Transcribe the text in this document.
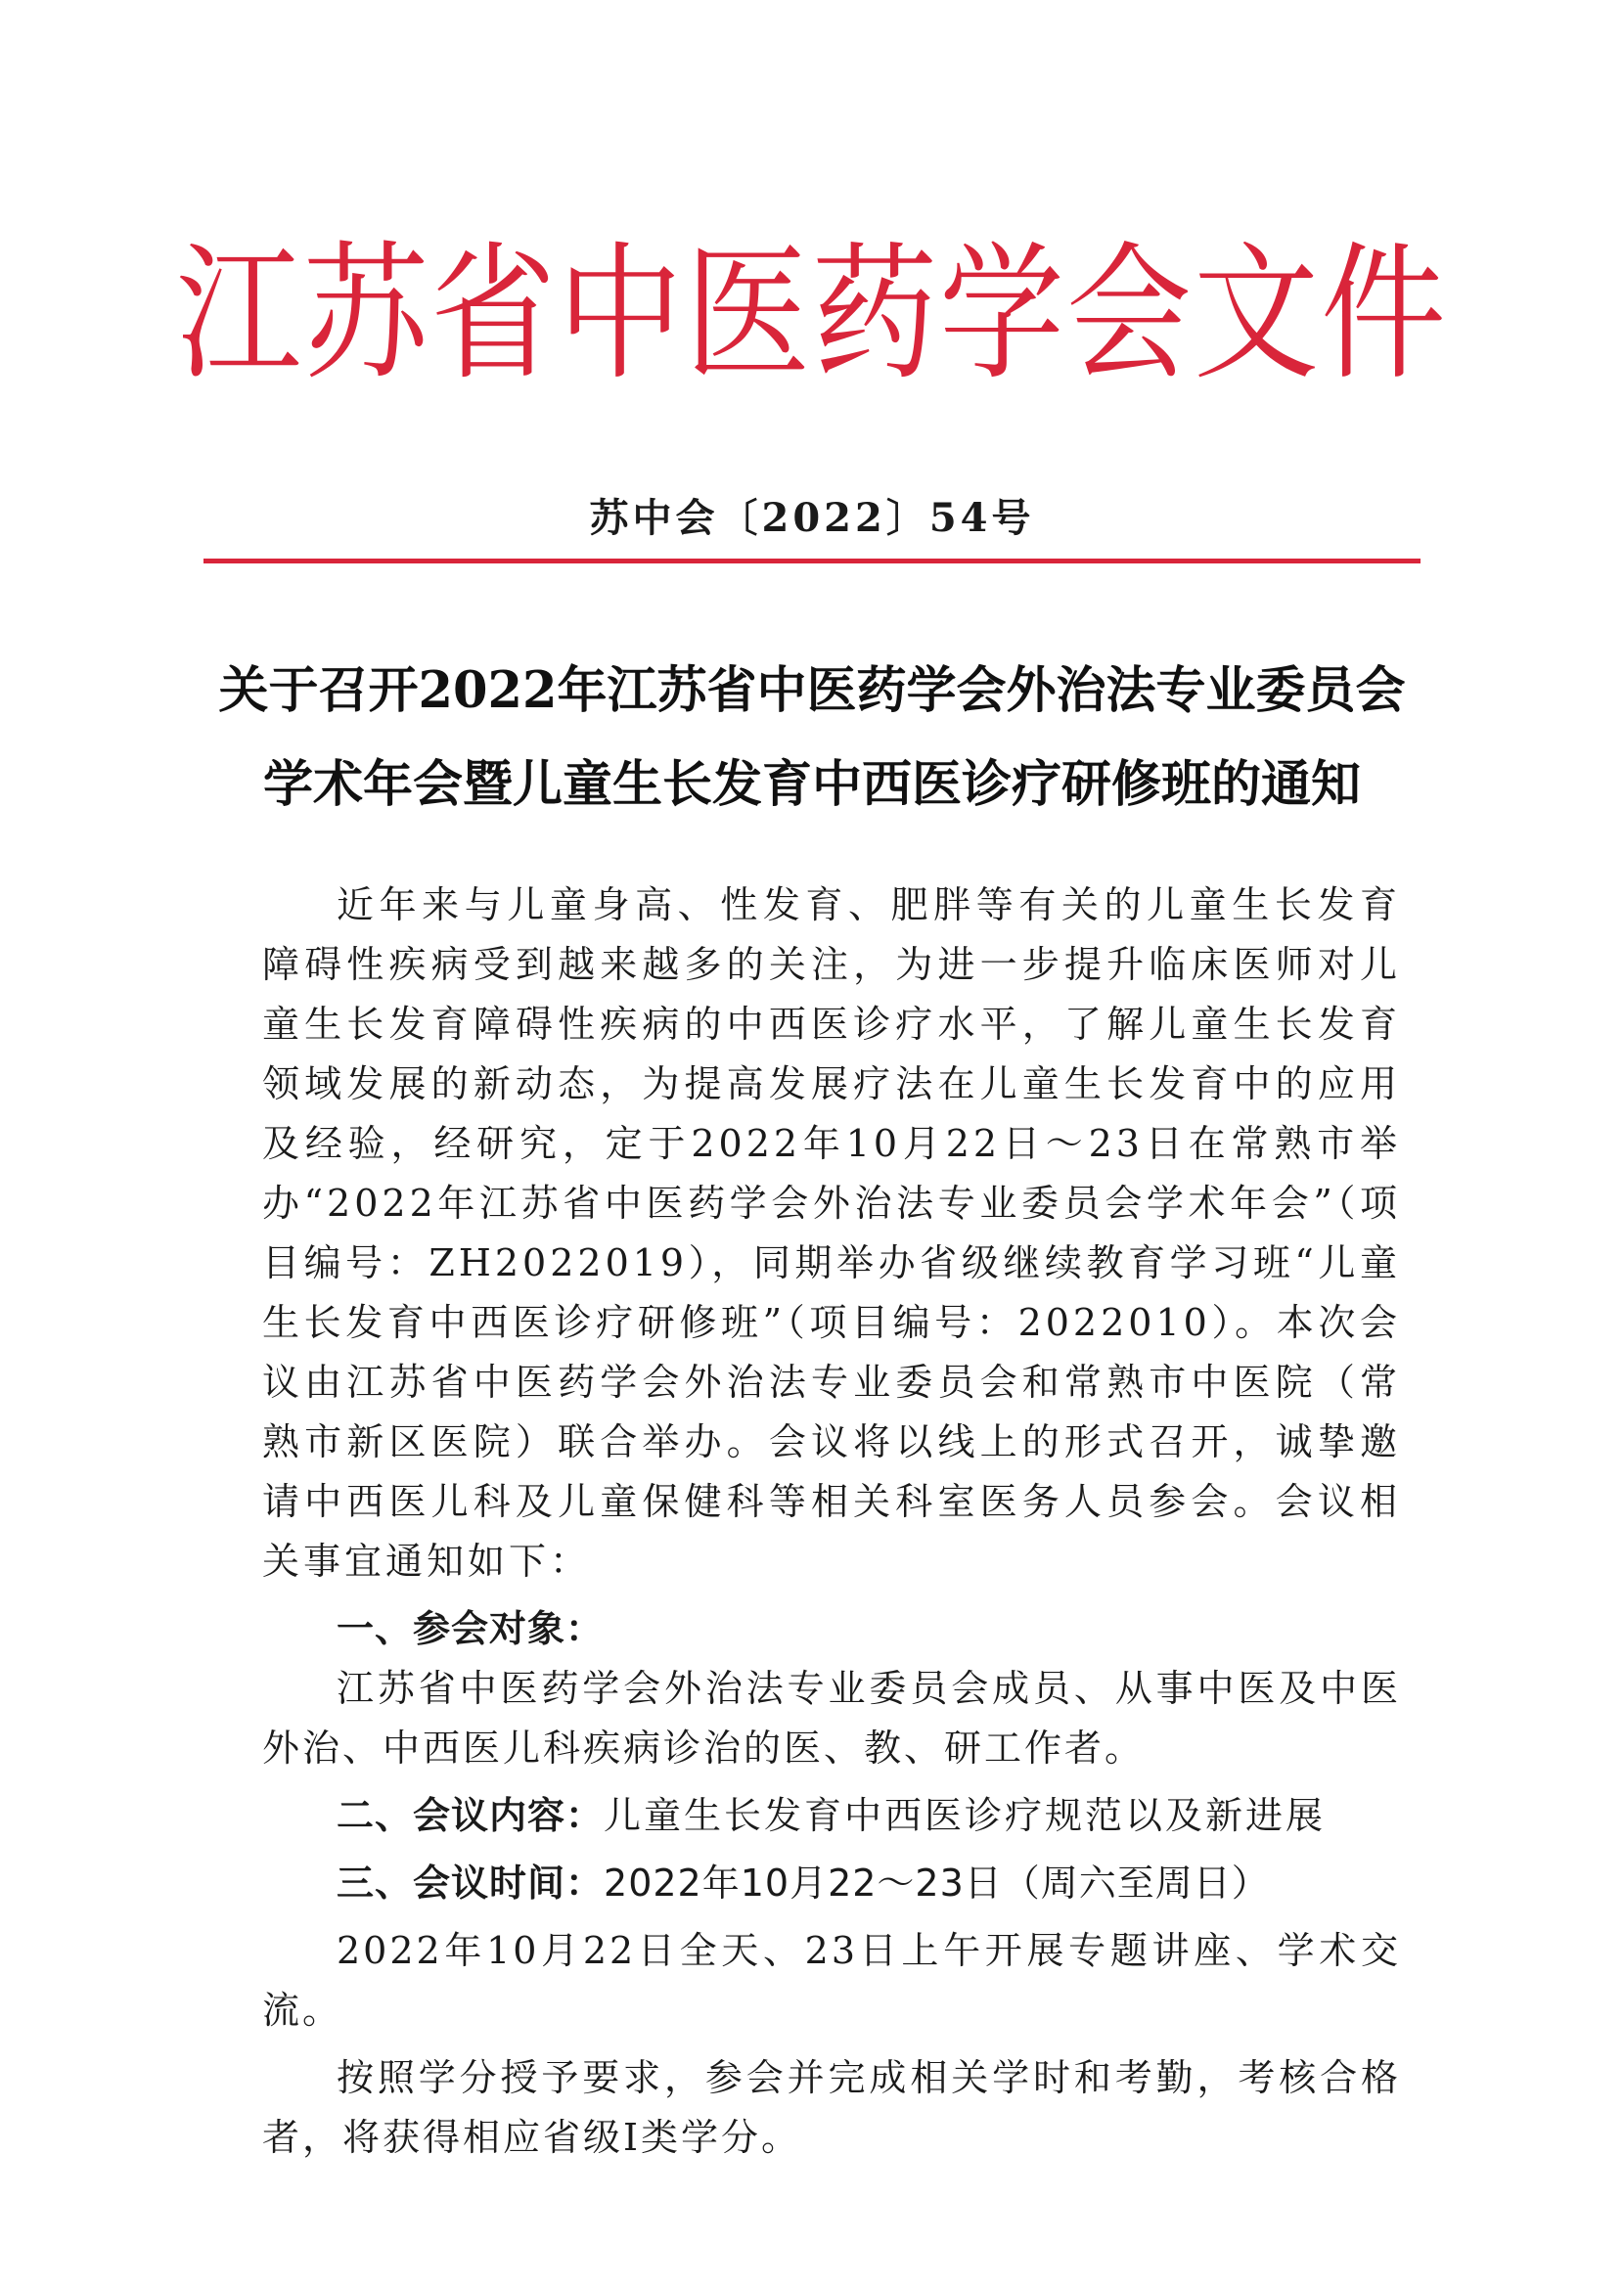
江苏省中医药学会文件
苏中会〔2022〕54号
关于召开2022年江苏省中医药学会外治法专业委员会
学术年会暨儿童生长发育中西医诊疗研修班的通知

近年来与儿童身高、性发育、肥胖等有关的儿童生长发育障碍性疾病受到越来越多的关注，为进一步提升临床医师对儿童生长发育障碍性疾病的中西医诊疗水平，了解儿童生长发育领域发展的新动态，为提高发展疗法在儿童生长发育中的应用及经验，经研究，定于2022年10月22日～23日在常熟市举办“2022年江苏省中医药学会外治法专业委员会学术年会”（项目编号：ZH2022019），同期举办省级继续教育学习班“儿童生长发育中西医诊疗研修班”（项目编号：2022010）。本次会议由江苏省中医药学会外治法专业委员会和常熟市中医院（常熟市新区医院）联合举办。会议将以线上的形式召开，诚挚邀请中西医儿科及儿童保健科等相关科室医务人员参会。会议相关事宜通知如下：

一、参会对象：

江苏省中医药学会外治法专业委员会成员、从事中医及中医外治、中西医儿科疾病诊治的医、教、研工作者。

二、会议内容：儿童生长发育中西医诊疗规范以及新进展

三、会议时间：2022年10月22～23日（周六至周日）

2022年10月22日全天、23日上午开展专题讲座、学术交流。

按照学分授予要求，参会并完成相关学时和考勤，考核合格者，将获得相应省级Ⅰ类学分。
